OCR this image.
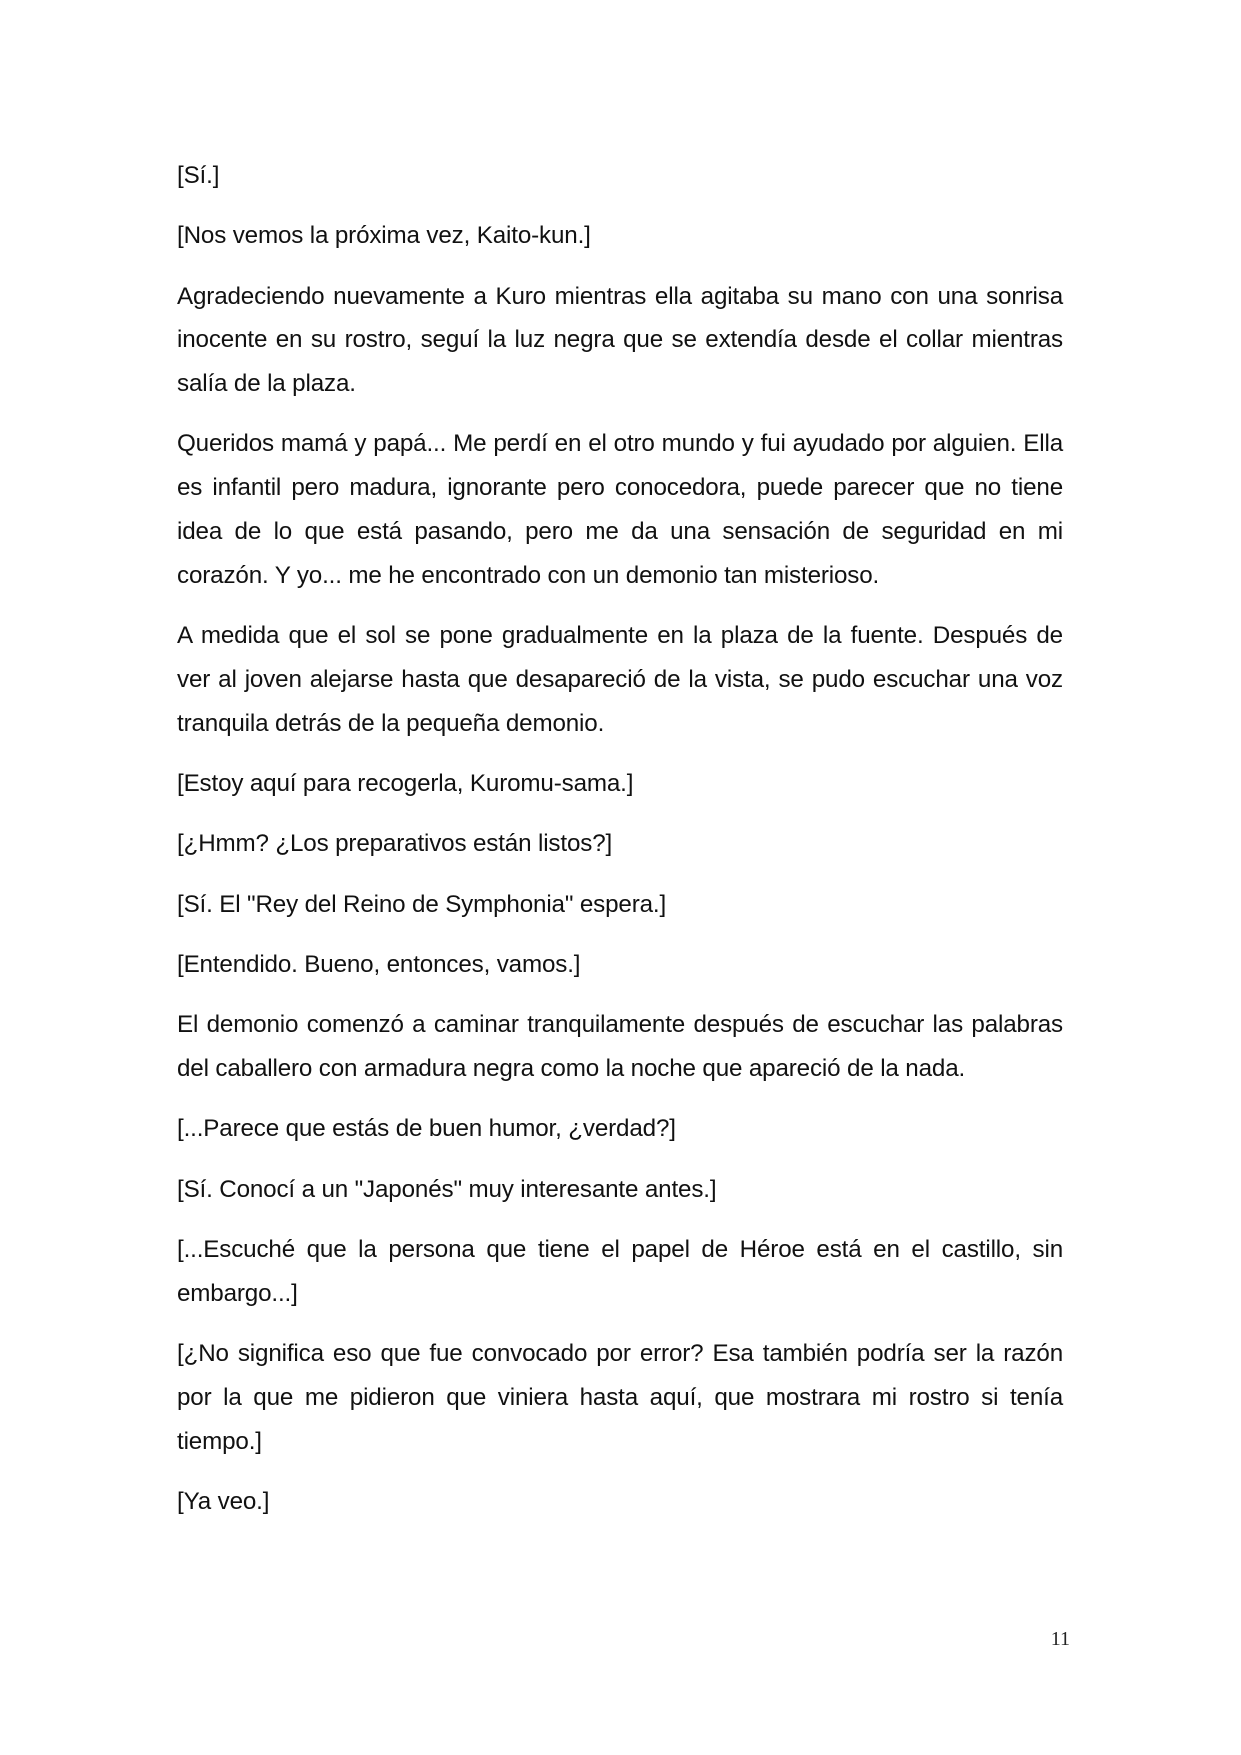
[Sí.]

[Nos vemos la próxima vez, Kaito-kun.]

Agradeciendo nuevamente a Kuro mientras ella agitaba su mano con una sonrisa inocente en su rostro, seguí la luz negra que se extendía desde el collar mientras salía de la plaza.

Queridos mamá y papá... Me perdí en el otro mundo y fui ayudado por alguien. Ella es infantil pero madura, ignorante pero conocedora, puede parecer que no tiene idea de lo que está pasando, pero me da una sensación de seguridad en mi corazón. Y yo... me he encontrado con un demonio tan misterioso.

A medida que el sol se pone gradualmente en la plaza de la fuente. Después de ver al joven alejarse hasta que desapareció de la vista, se pudo escuchar una voz tranquila detrás de la pequeña demonio.

[Estoy aquí para recogerla, Kuromu-sama.]

[¿Hmm? ¿Los preparativos están listos?]

[Sí. El "Rey del Reino de Symphonia" espera.]

[Entendido. Bueno, entonces, vamos.]

El demonio comenzó a caminar tranquilamente después de escuchar las palabras del caballero con armadura negra como la noche que apareció de la nada.

[...Parece que estás de buen humor, ¿verdad?]

[Sí. Conocí a un "Japonés" muy interesante antes.]

[...Escuché que la persona que tiene el papel de Héroe está en el castillo, sin embargo...]

[¿No significa eso que fue convocado por error? Esa también podría ser la razón por la que me pidieron que viniera hasta aquí, que mostrara mi rostro si tenía tiempo.]

[Ya veo.]

11
